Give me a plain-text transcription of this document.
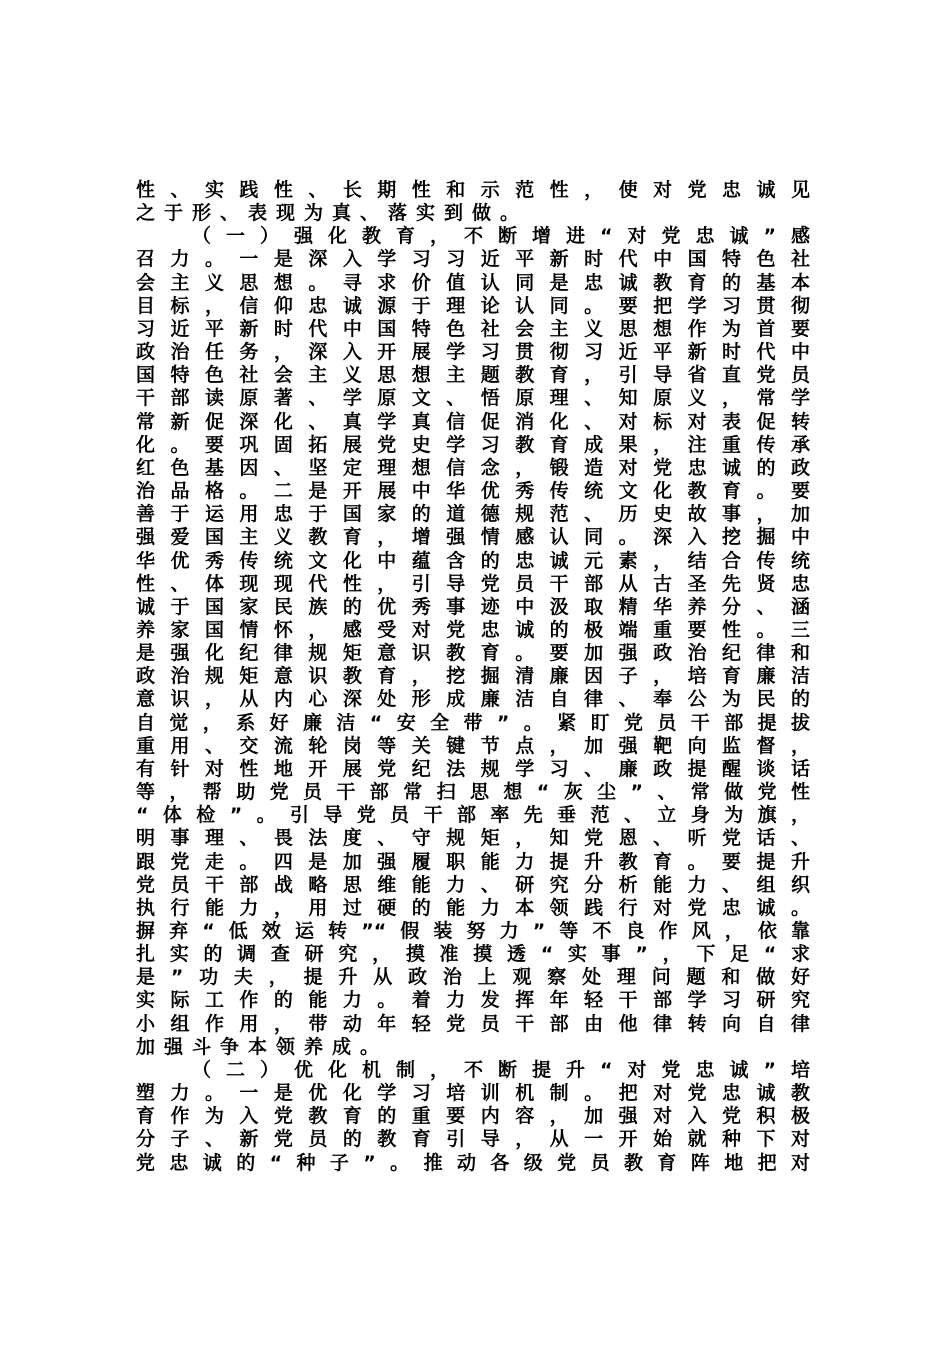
性、实践性、长期性和示范性，使对党忠诚见
之于形、表现为真、落实到做。
（一）强化教育，不断增进“对党忠诚”感
召力。一是深入学习习近平新时代中国特色社
会主义思想。寻求价值认同是忠诚教育的基本
目标，信仰忠诚源于理论认同。要把学习贯彻
习近平新时代中国特色社会主义思想作为首要
政治任务，深入开展学习贯彻习近平新时代中
国特色社会主义思想主题教育，引导省直党员
干部读原著、学原文、悟原理、知原义，常学
常新促深化、真学真信促消化、对标对表促转
化。要巩固拓展党史学习教育成果，注重传承
红色基因、坚定理想信念，锻造对党忠诚的政
治品格。二是开展中华优秀传统文化教育。要
善于运用忠于国家的道德规范、历史故事，加
强爱国主义教育，增强情感认同。深入挖掘中
华优秀传统文化中蕴含的忠诚元素，结合传统
性、体现现代性，引导党员干部从古圣先贤忠
诚于国家民族的优秀事迹中汲取精华养分、涵
养家国情怀，感受对党忠诚的极端重要性。三
是强化纪律规矩意识教育。要加强政治纪律和
政治规矩意识教育，挖掘清廉因子，培育廉洁
意识，从内心深处形成廉洁自律、奉公为民的
自觉，系好廉洁“安全带”。紧盯党员干部提拔
重用、交流轮岗等关键节点，加强靶向监督，
有针对性地开展党纪法规学习、廉政提醒谈话
等，帮助党员干部常扫思想“灰尘”、常做党性
“体检”。引导党员干部率先垂范、立身为旗，
明事理、畏法度、守规矩，知党恩、听党话、
跟党走。四是加强履职能力提升教育。要提升
党员干部战略思维能力、研究分析能力、组织
执行能力，用过硬的能力本领践行对党忠诚。
摒弃“低效运转”“假装努力”等不良作风，依靠
扎实的调查研究，摸准摸透“实事”，下足“求
是”功夫，提升从政治上观察处理问题和做好
实际工作的能力。着力发挥年轻干部学习研究
小组作用，带动年轻党员干部由他律转向自律
加强斗争本领养成。
（二）优化机制，不断提升“对党忠诚”培
塑力。一是优化学习培训机制。把对党忠诚教
育作为入党教育的重要内容，加强对入党积极
分子、新党员的教育引导，从一开始就种下对
党忠诚的“种子”。推动各级党员教育阵地把对
